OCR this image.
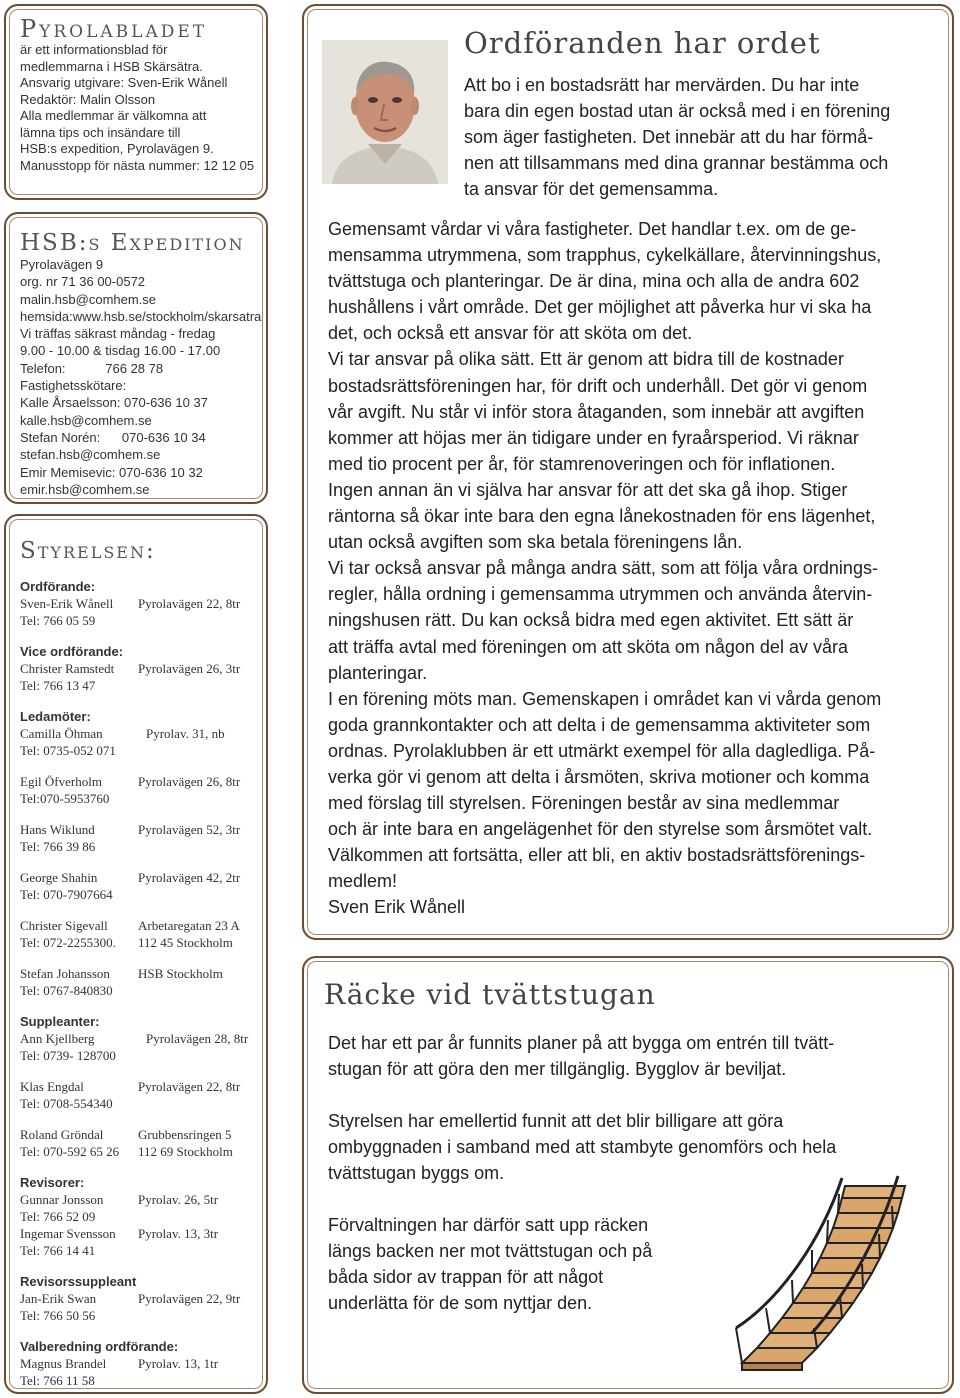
Pyrolabladet
är ett informationsblad för
medlemmarna i HSB Skärsätra.
Ansvarig utgivare: Sven-Erik Wånell
Redaktör: Malin Olsson
Alla medlemmar är välkomna att
lämna tips och insändare till
HSB:s expedition, Pyrolavägen 9.
Manusstopp för nästa nummer: 12 12 05
HSB:s Expedition
Pyrolavägen 9
org. nr 71 36 00-0572
malin.hsb@comhem.se
hemsida:www.hsb.se/stockholm/skarsatra
Vi träffas säkrast måndag - fredag
9.00 - 10.00 & tisdag 16.00 - 17.00
Telefon:           766 28 78
Fastighetsskötare:
Kalle Årsaelsson: 070-636 10 37
kalle.hsb@comhem.se
Stefan Norén:      070-636 10 34
stefan.hsb@comhem.se
Emir Memisevic: 070-636 10 32
emir.hsb@comhem.se
Styrelsen:
Ordförande:
Sven-Erik Wånell	Pyrolavägen 22, 8tr
Tel: 766 05 59
Vice ordförande:
Christer Ramstedt	Pyrolavägen 26, 3tr
Tel: 766 13 47
Ledamöter:
Camilla Öhman	Pyrolav. 31, nb
Tel: 0735-052 071
Egil Öfverholm	Pyrolavägen 26, 8tr
Tel:070-5953760
Hans Wiklund	Pyrolavägen 52, 3tr
Tel: 766 39 86
George Shahin	Pyrolavägen 42, 2tr
Tel: 070-7907664
Christer Sigevall	Arbetaregatan 23 A
Tel: 072-2255300.	112 45 Stockholm
Stefan Johansson	HSB Stockholm
Tel: 0767-840830
Suppleanter:
Ann Kjellberg	Pyrolavägen 28, 8tr
Tel: 0739- 128700
Klas Engdal	Pyrolavägen 22, 8tr
Tel: 0708-554340
Roland Gröndal	Grubbensringen 5
Tel: 070-592 65 26	112 69 Stockholm
Revisorer:
Gunnar Jonsson	Pyrolav. 26, 5tr
Tel: 766 52 09
Ingemar Svensson	Pyrolav. 13, 3tr
Tel: 766 14 41
Revisorssuppleant
Jan-Erik Swan	Pyrolavägen 22, 9tr
Tel: 766 50 56
Valberedning ordförande:
Magnus Brandel	Pyrolav. 13, 1tr
Tel: 766 11 58
Ordföranden har ordet
Att bo i en bostadsrätt har mervärden. Du har inte
bara din egen bostad utan är också med i en förening
som äger fastigheten. Det innebär att du har förmå-
nen att tillsammans med dina grannar bestämma och
ta ansvar för det gemensamma.
Gemensamt vårdar vi våra fastigheter. Det handlar t.ex. om de ge-
mensamma utrymmena, som trapphus, cykelkällare, återvinningshus,
tvättstuga och planteringar. De är dina, mina och alla de andra 602
hushållens i vårt område. Det ger möjlighet att påverka hur vi ska ha
det, och också ett ansvar för att sköta om det.
Vi tar ansvar på olika sätt. Ett är genom att bidra till de kostnader
bostadsrättsföreningen har, för drift och underhåll. Det gör vi genom
vår avgift. Nu står vi inför stora åtaganden, som innebär att avgiften
kommer att höjas mer än tidigare under en fyraårsperiod. Vi räknar
med tio procent per år, för stamrenoveringen och för inflationen.
Ingen annan än vi själva har ansvar för att det ska gå ihop. Stiger
räntorna så ökar inte bara den egna lånekostnaden för ens lägenhet,
utan också avgiften som ska betala föreningens lån.
Vi tar också ansvar på många andra sätt, som att följa våra ordnings-
regler, hålla ordning i gemensamma utrymmen och använda återvin-
ningshusen rätt. Du kan också bidra med egen aktivitet. Ett sätt är
att träffa avtal med föreningen om att sköta om någon del av våra
planteringar.
I en förening möts man. Gemenskapen i området kan vi vårda genom
goda grannkontakter och att delta i de gemensamma aktiviteter som
ordnas. Pyrolaklubben är ett utmärkt exempel för alla dagledliga. På-
verka gör vi genom att delta i årsmöten, skriva motioner och komma
med förslag till styrelsen. Föreningen består av sina medlemmar
och är inte bara en angelägenhet för den styrelse som årsmötet valt.
Välkommen att fortsätta, eller att bli, en aktiv bostadsrättsförenings-
medlem!
Sven Erik Wånell
Räcke vid tvättstugan
Det har ett par år funnits planer på att bygga om entrén till tvätt-
stugan för att göra den mer tillgänglig. Bygglov är beviljat.
Styrelsen har emellertid funnit att det blir billigare att göra
ombyggnaden i samband med att stambyte genomförs och hela
tvättstugan byggs om.
Förvaltningen har därför satt upp räcken
längs backen ner mot tvättstugan och på
båda sidor av trappan för att något
underlätta för de som nyttjar den.
